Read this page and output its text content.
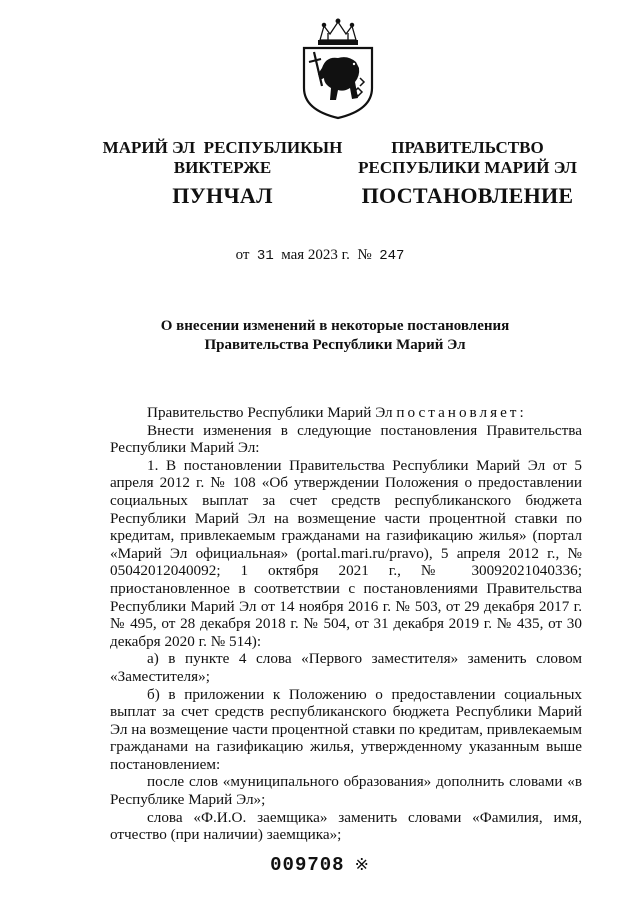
МАРИЙ ЭЛ  РЕСПУБЛИКЫН
ВИКТЕРЖЕ
ПУНЧАЛ
ПРАВИТЕЛЬСТВО
РЕСПУБЛИКИ МАРИЙ ЭЛ
ПОСТАНОВЛЕНИЕ
от 31 мая 2023 г. № 247
О внесении изменений в некоторые постановления
Правительства Республики Марий Эл

Правительство Республики Марий Эл постановляет:

Внести изменения в следующие постановления Правительства Республики Марий Эл:

1. В постановлении Правительства Республики Марий Эл от 5 апреля 2012 г. № 108 «Об утверждении Положения о предоставлении социальных выплат за счет средств республиканского бюджета Республики Марий Эл на возмещение части процентной ставки по кредитам, привлекаемым гражданами на газификацию жилья» (портал «Марий Эл официальная» (portal.mari.ru/pravo), 5 апреля 2012 г., № 05042012040092; 1 октября 2021 г., № 30092021040336; приостановленное в соответствии с постановлениями Правительства Республики Марий Эл от 14 ноября 2016 г. № 503, от 29 декабря 2017 г. № 495, от 28 декабря 2018 г. № 504, от 31 декабря 2019 г. № 435, от 30 декабря 2020 г. № 514):

а) в пункте 4 слова «Первого заместителя» заменить словом «Заместителя»;

б) в приложении к Положению о предоставлении социальных выплат за счет средств республиканского бюджета Республики Марий Эл на возмещение части процентной ставки по кредитам, привлекаемым гражданами на газификацию жилья, утвержденному указанным выше постановлением:

после слов «муниципального образования» дополнить словами «в Республике Марий Эл»;

слова «Ф.И.О. заемщика» заменить словами «Фамилия, имя, отчество (при наличии) заемщика»;

009708 ※
